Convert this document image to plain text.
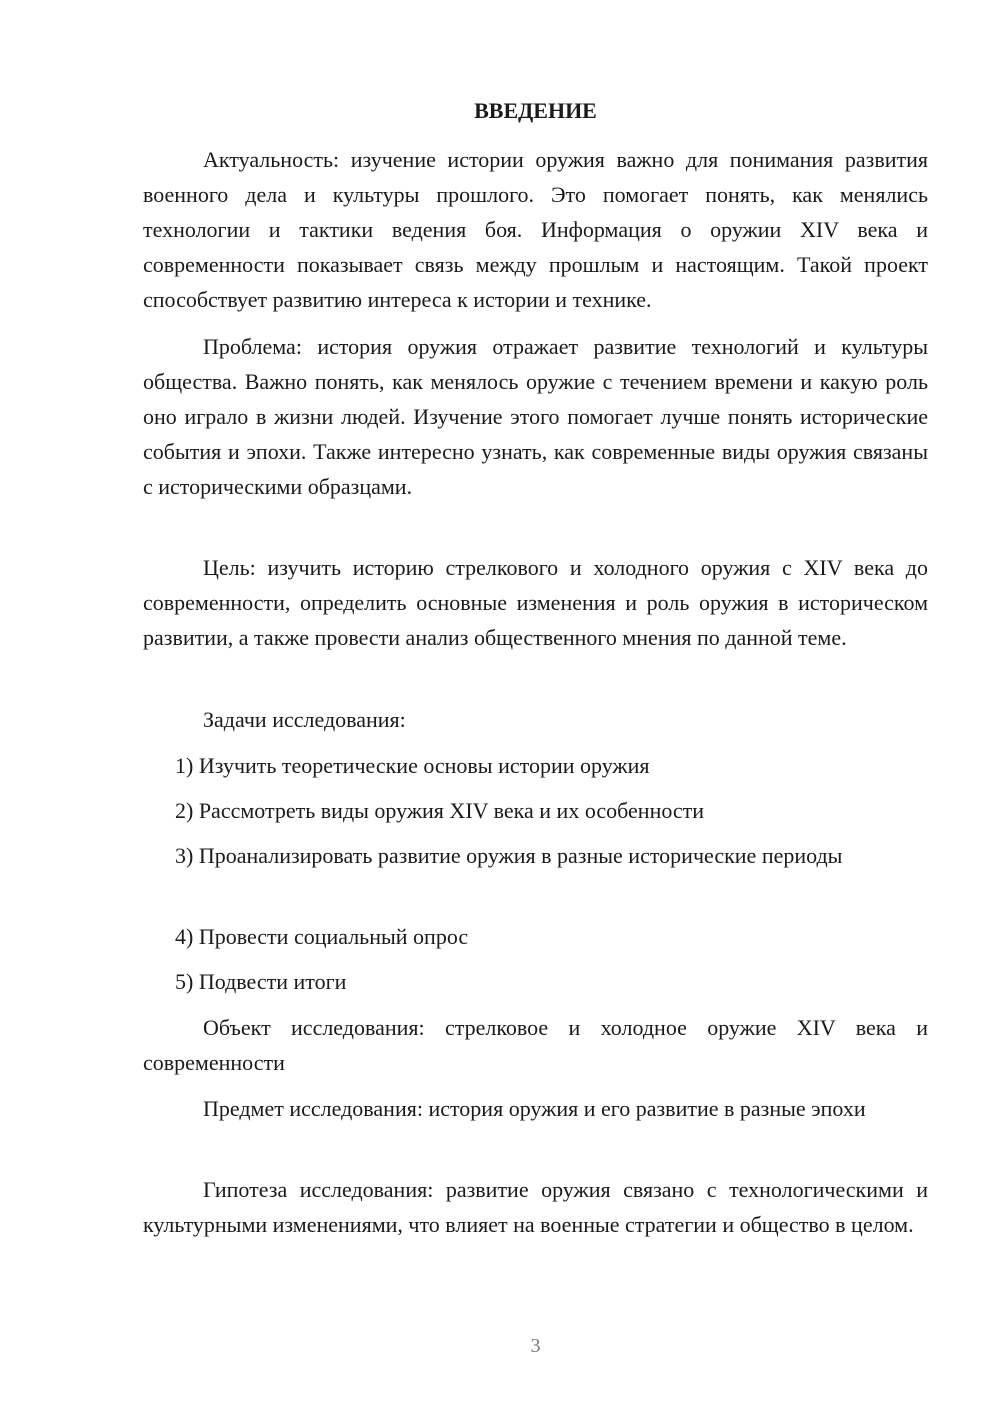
ВВЕДЕНИЕ

Актуальность: изучение истории оружия важно для понимания развития военного дела и культуры прошлого. Это помогает понять, как менялись технологии и тактики ведения боя. Информация о оружии XIV века и современности показывает связь между прошлым и настоящим. Такой проект способствует развитию интереса к истории и технике.

Проблема: история оружия отражает развитие технологий и культуры общества. Важно понять, как менялось оружие с течением времени и какую роль оно играло в жизни людей. Изучение этого помогает лучше понять исторические события и эпохи. Также интересно узнать, как современные виды оружия связаны с историческими образцами.

Цель: изучить историю стрелкового и холодного оружия с XIV века до современности, определить основные изменения и роль оружия в историческом развитии, а также провести анализ общественного мнения по данной теме.

Задачи исследования:

1) Изучить теоретические основы истории оружия

2) Рассмотреть виды оружия XIV века и их особенности

3) Проанализировать развитие оружия в разные исторические периоды

4) Провести социальный опрос

5) Подвести итоги

Объект исследования: стрелковое и холодное оружие XIV века и современности

Предмет исследования: история оружия и его развитие в разные эпохи

Гипотеза исследования: развитие оружия связано с технологическими и культурными изменениями, что влияет на военные стратегии и общество в целом.

3
